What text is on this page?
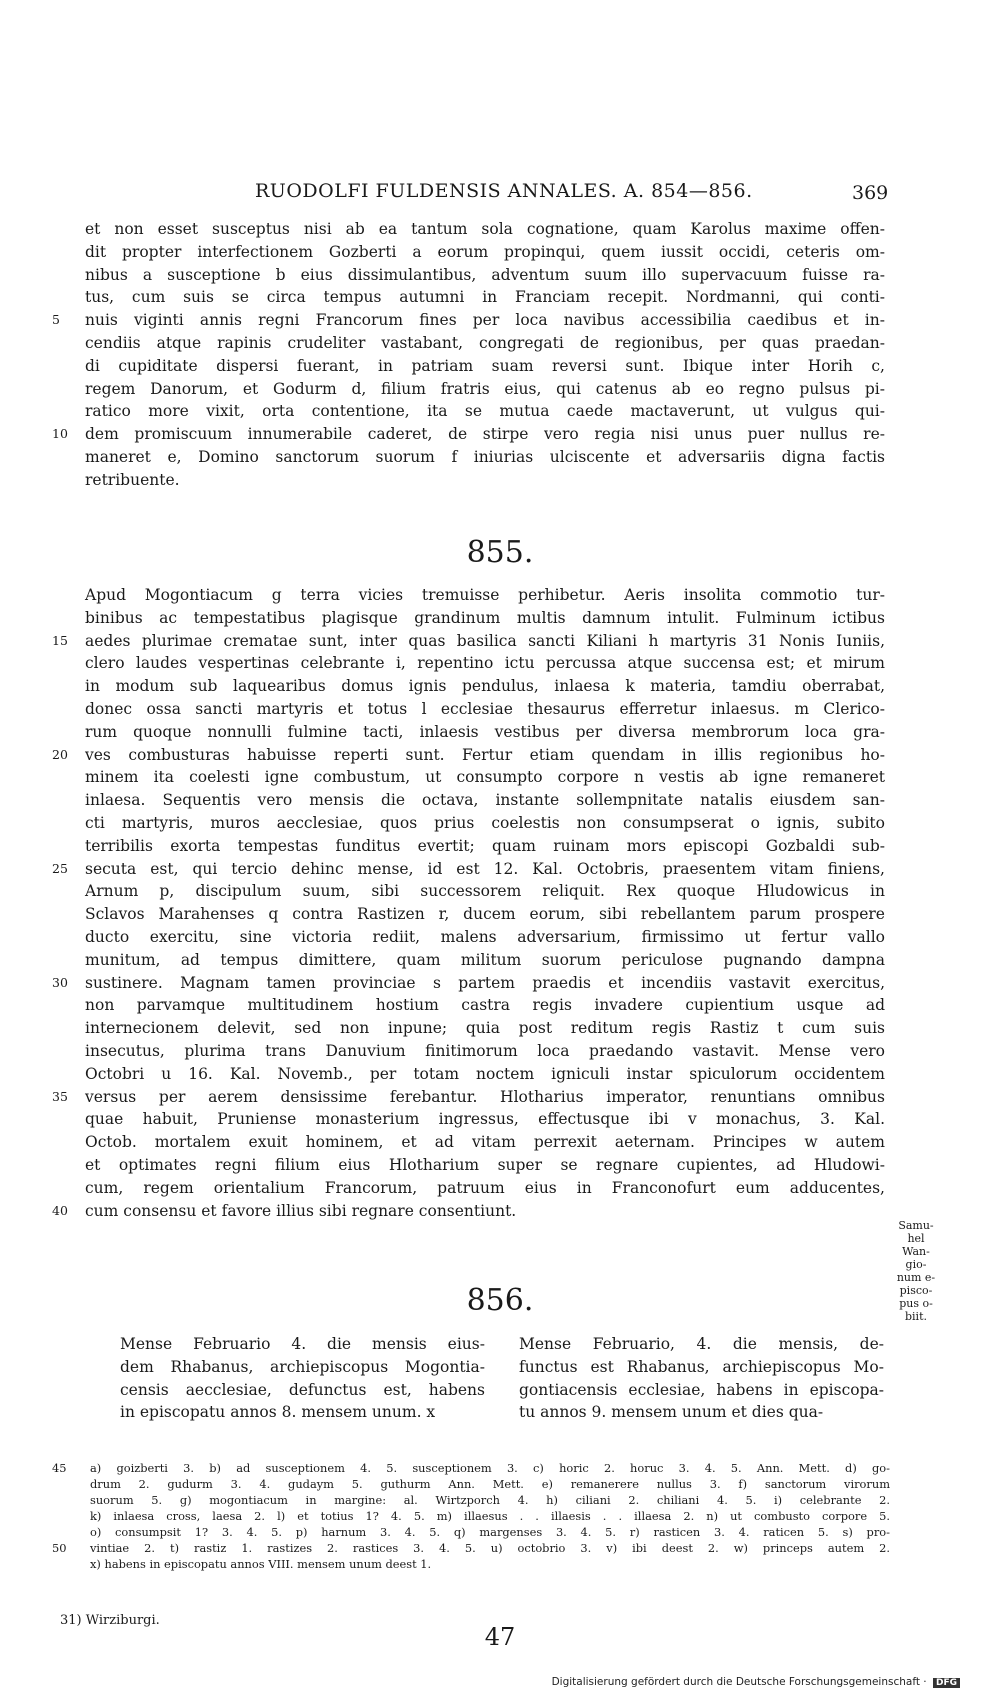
RUODOLFI FULDENSIS ANNALES. A. 854—856.	369
et non esset susceptus nisi ab ea tantum sola cognatione, quam Karolus maxime offen-
dit propter interfectionem Gozberti a eorum propinqui, quem iussit occidi, ceteris om-
nibus a susceptione b eius dissimulantibus, adventum suum illo supervacuum fuisse ra-
tus, cum suis se circa tempus autumni in Franciam recepit. Nordmanni, qui conti-
5	nuis viginti annis regni Francorum fines per loca navibus accessibilia caedibus et in-
cendiis atque rapinis crudeliter vastabant, congregati de regionibus, per quas praedan-
di cupiditate dispersi fuerant, in patriam suam reversi sunt. Ibique inter Horih c,
regem Danorum, et Godurm d, filium fratris eius, qui catenus ab eo regno pulsus pi-
ratico more vixit, orta contentione, ita se mutua caede mactaverunt, ut vulgus qui-
10	dem promiscuum innumerabile caderet, de stirpe vero regia nisi unus puer nullus re-
maneret e, Domino sanctorum suorum f iniurias ulciscente et adversariis digna factis
retribuente.
855.
Apud Mogontiacum g terra vicies tremuisse perhibetur. Aeris insolita commotio tur-
binibus ac tempestatibus plagisque grandinum multis damnum intulit. Fulminum ictibus
15	aedes plurimae crematae sunt, inter quas basilica sancti Kiliani h martyris 31 Nonis Iuniis,
clero laudes vespertinas celebrante i, repentino ictu percussa atque succensa est; et mirum
in modum sub laquearibus domus ignis pendulus, inlaesa k materia, tamdiu oberrabat,
donec ossa sancti martyris et totus l ecclesiae thesaurus efferretur inlaesus. m Clerico-
rum quoque nonnulli fulmine tacti, inlaesis vestibus per diversa membrorum loca gra-
20	ves combusturas habuisse reperti sunt. Fertur etiam quendam in illis regionibus ho-
minem ita coelesti igne combustum, ut consumpto corpore n vestis ab igne remaneret
inlaesa. Sequentis vero mensis die octava, instante sollempnitate natalis eiusdem san-
cti martyris, muros aecclesiae, quos prius coelestis non consumpserat o ignis, subito
terribilis exorta tempestas funditus evertit; quam ruinam mors episcopi Gozbaldi sub-
25	secuta est, qui tercio dehinc mense, id est 12. Kal. Octobris, praesentem vitam finiens,
Arnum p, discipulum suum, sibi successorem reliquit. Rex quoque Hludowicus in
Sclavos Marahenses q contra Rastizen r, ducem eorum, sibi rebellantem parum prospere
ducto exercitu, sine victoria rediit, malens adversarium, firmissimo ut fertur vallo
munitum, ad tempus dimittere, quam militum suorum periculose pugnando dampna
30	sustinere. Magnam tamen provinciae s partem praedis et incendiis vastavit exercitus,
non parvamque multitudinem hostium castra regis invadere cupientium usque ad
internecionem delevit, sed non inpune; quia post reditum regis Rastiz t cum suis
insecutus, plurima trans Danuvium finitimorum loca praedando vastavit. Mense vero
Octobri u 16. Kal. Novemb., per totam noctem igniculi instar spiculorum occidentem
35	versus per aerem densissime ferebantur. Hlotharius imperator, renuntians omnibus
quae habuit, Pruniense monasterium ingressus, effectusque ibi v monachus, 3. Kal.
Octob. mortalem exuit hominem, et ad vitam perrexit aeternam. Principes w autem
et optimates regni filium eius Hlotharium super se regnare cupientes, ad Hludowi-
cum, regem orientalium Francorum, patruum eius in Franconofurt eum adducentes,
40	cum consensu et favore illius sibi regnare consentiunt.
Samu-
hel
Wan-
gio-
num e-
pisco-
pus o-
biit.
856.
Mense Februario 4. die mensis eius-
dem Rhabanus, archiepiscopus Mogontia-
censis aecclesiae, defunctus est, habens
in episcopatu annos 8. mensem unum. x
Mense Februario, 4. die mensis, de-
functus est Rhabanus, archiepiscopus Mo-
gontiacensis ecclesiae, habens in episcopa-
tu annos 9. mensem unum et dies qua-
45	a) goizberti 3. b) ad susceptionem 4. 5. susceptionem 3. c) horic 2. horuc 3. 4. 5. Ann. Mett. d) go-
drum 2. gudurm 3. 4. gudaym 5. guthurm Ann. Mett. e) remanerere nullus 3. f) sanctorum virorum
suorum 5. g) mogontiacum in margine: al. Wirtzporch 4. h) ciliani 2. chiliani 4. 5. i) celebrante 2.
k) inlaesa cross, laesa 2. l) et totius 1? 4. 5. m) illaesus . . illaesis . . illaesa 2. n) ut combusto corpore 5.
o) consumpsit 1? 3. 4. 5. p) harnum 3. 4. 5. q) margenses 3. 4. 5. r) rasticen 3. 4. raticen 5. s) pro-
50	vintiae 2. t) rastiz 1. rastizes 2. rastices 3. 4. 5. u) octobrio 3. v) ibi deest 2. w) princeps autem 2.
x) habens in episcopatu annos VIII. mensem unum deest 1.
31) Wirziburgi.
47
Digitalisierung gefördert durch die Deutsche Forschungsgemeinschaft · DFG
